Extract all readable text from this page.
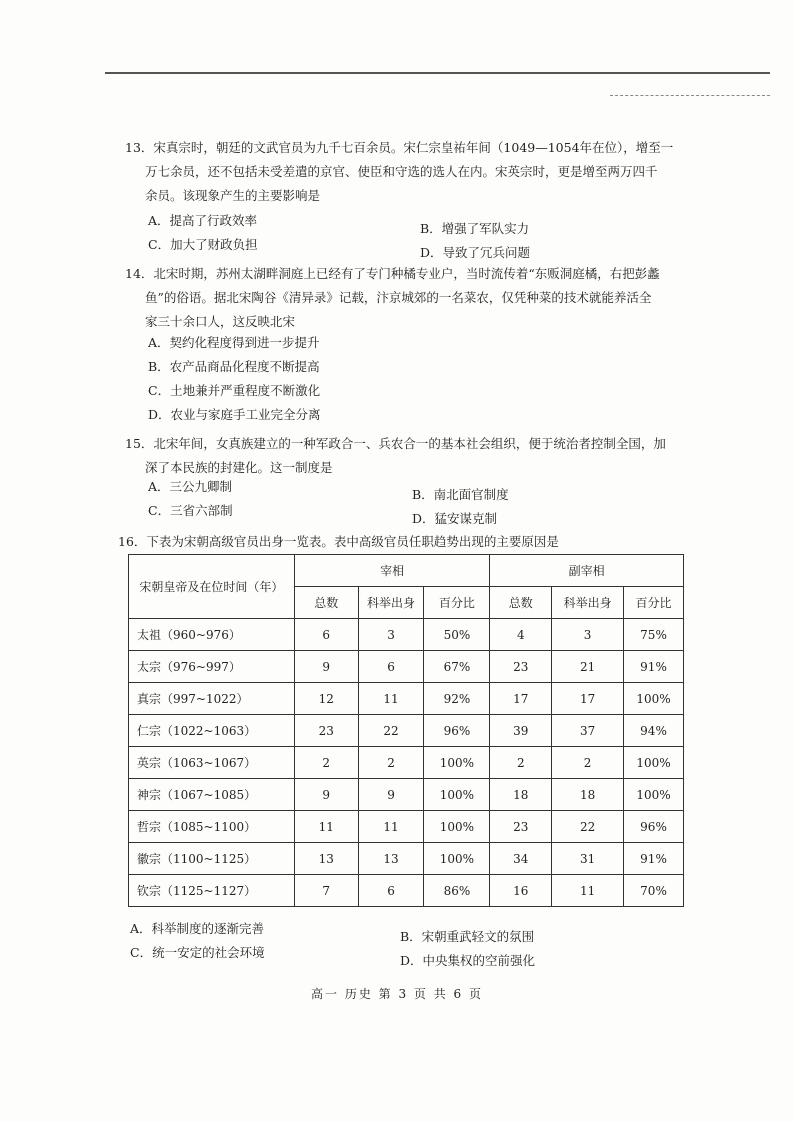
13．宋真宗时，朝廷的文武官员为九千七百余员。宋仁宗皇祐年间（1049—1054年在位），增至一

万七余员，还不包括未受差遣的京官、使臣和守选的选人在内。宋英宗时，更是增至两万四千

余员。该现象产生的主要影响是

A．提高了行政效率
B．增强了军队实力
C．加大了财政负担
D．导致了冗兵问题

14．北宋时期，苏州太湖畔洞庭上已经有了专门种橘专业户，当时流传着“东贩洞庭橘，右把彭蠡

鱼”的俗语。据北宋陶谷《清异录》记载，汴京城郊的一名菜农，仅凭种菜的技术就能养活全

家三十余口人，这反映北宋

A．契约化程度得到进一步提升
B．农产品商品化程度不断提高
C．土地兼并严重程度不断激化
D．农业与家庭手工业完全分离

15．北宋年间，女真族建立的一种军政合一、兵农合一的基本社会组织，便于统治者控制全国，加

深了本民族的封建化。这一制度是

A．三公九卿制
B．南北面官制度
C．三省六部制
D．猛安谋克制

16．下表为宋朝高级官员出身一览表。表中高级官员任职趋势出现的主要原因是

宋朝皇帝及在位时间（年）	宰相			副宰相		
	总数	科举出身	百分比	总数	科举出身	百分比
太祖（960~976）	6	3	50%	4	3	75%
太宗（976~997）	9	6	67%	23	21	91%
真宗（997~1022）	12	11	92%	17	17	100%
仁宗（1022~1063）	23	22	96%	39	37	94%
英宗（1063~1067）	2	2	100%	2	2	100%
神宗（1067~1085）	9	9	100%	18	18	100%
哲宗（1085~1100）	11	11	100%	23	22	96%
徽宗（1100~1125）	13	13	100%	34	31	91%
钦宗（1125~1127）	7	6	86%	16	11	70%
A．科举制度的逐渐完善
B．宋朝重武轻文的氛围
C．统一安定的社会环境
D．中央集权的空前强化
高一 历史 第 3 页 共 6 页
